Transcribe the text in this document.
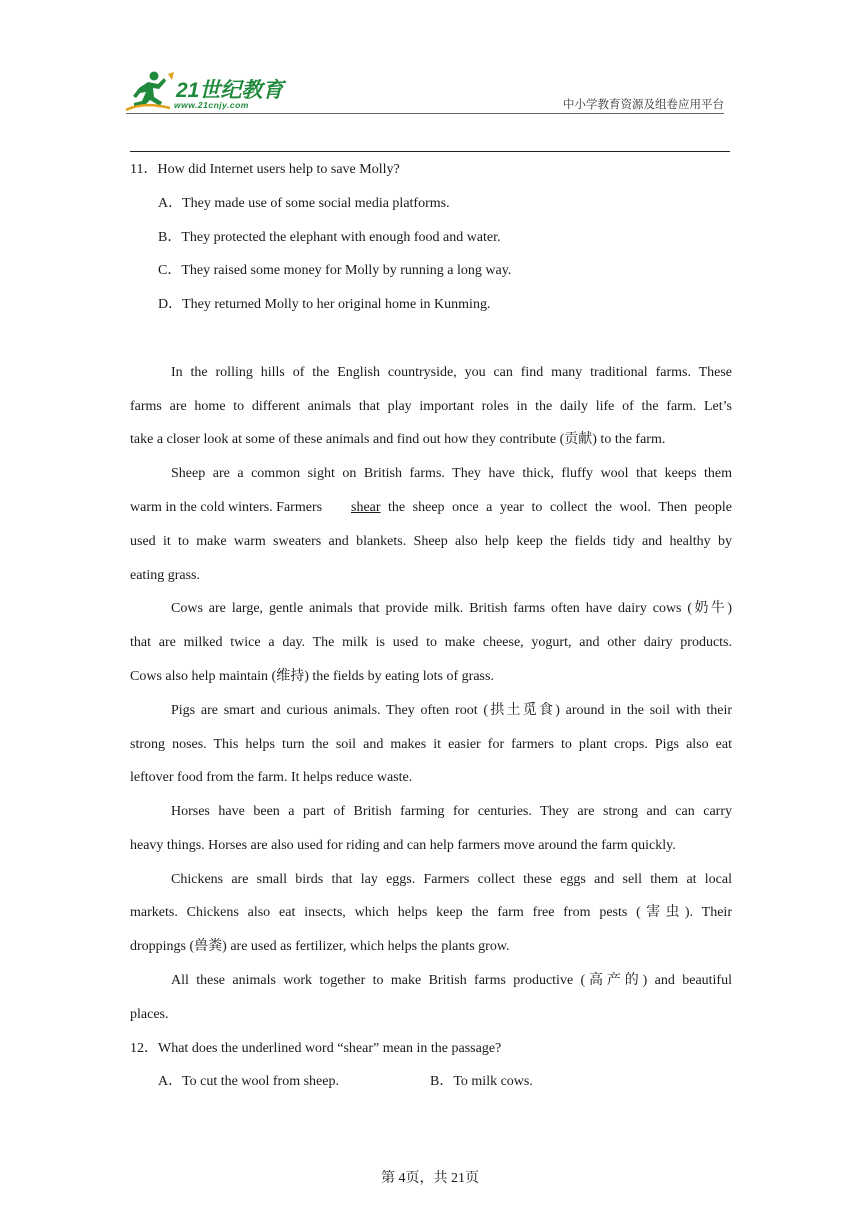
21世纪教育
www.21cnjy.com	中小学教育资源及组卷应用平台
11．How did Internet users help to save Molly?
A．They made use of some social media platforms.
B．They protected the elephant with enough food and water.
C．They raised some money for Molly by running a long way.
D．They returned Molly to her original home in Kunming.
In the rolling hills of the English countryside, you can find many traditional farms. These
farms are home to different animals that play important roles in the daily life of the farm. Let’s
take a closer look at some of these animals and find out how they contribute (贡献) to the farm.
Sheep are a common sight on British farms. They have thick, fluffy wool that keeps them
warm in the cold winters. Farmers shear the sheep once a year to collect the wool. Then people
used it to make warm sweaters and blankets. Sheep also help keep the fields tidy and healthy by
eating grass.
Cows are large, gentle animals that provide milk. British farms often have dairy cows (奶牛)
that are milked twice a day. The milk is used to make cheese, yogurt, and other dairy products.
Cows also help maintain (维持) the fields by eating lots of grass.
Pigs are smart and curious animals. They often root (拱土觅食) around in the soil with their
strong noses. This helps turn the soil and makes it easier for farmers to plant crops. Pigs also eat
leftover food from the farm. It helps reduce waste.
Horses have been a part of British farming for centuries. They are strong and can carry
heavy things. Horses are also used for riding and can help farmers move around the farm quickly.
Chickens are small birds that lay eggs. Farmers collect these eggs and sell them at local
markets. Chickens also eat insects, which helps keep the farm free from pests (害虫). Their
droppings (兽粪) are used as fertilizer, which helps the plants grow.
All these animals work together to make British farms productive (高产的) and beautiful
places.
12．What does the underlined word “shear” mean in the passage?
A．To cut the wool from sheep.	B．To milk cows.
第 4页，共 21页
